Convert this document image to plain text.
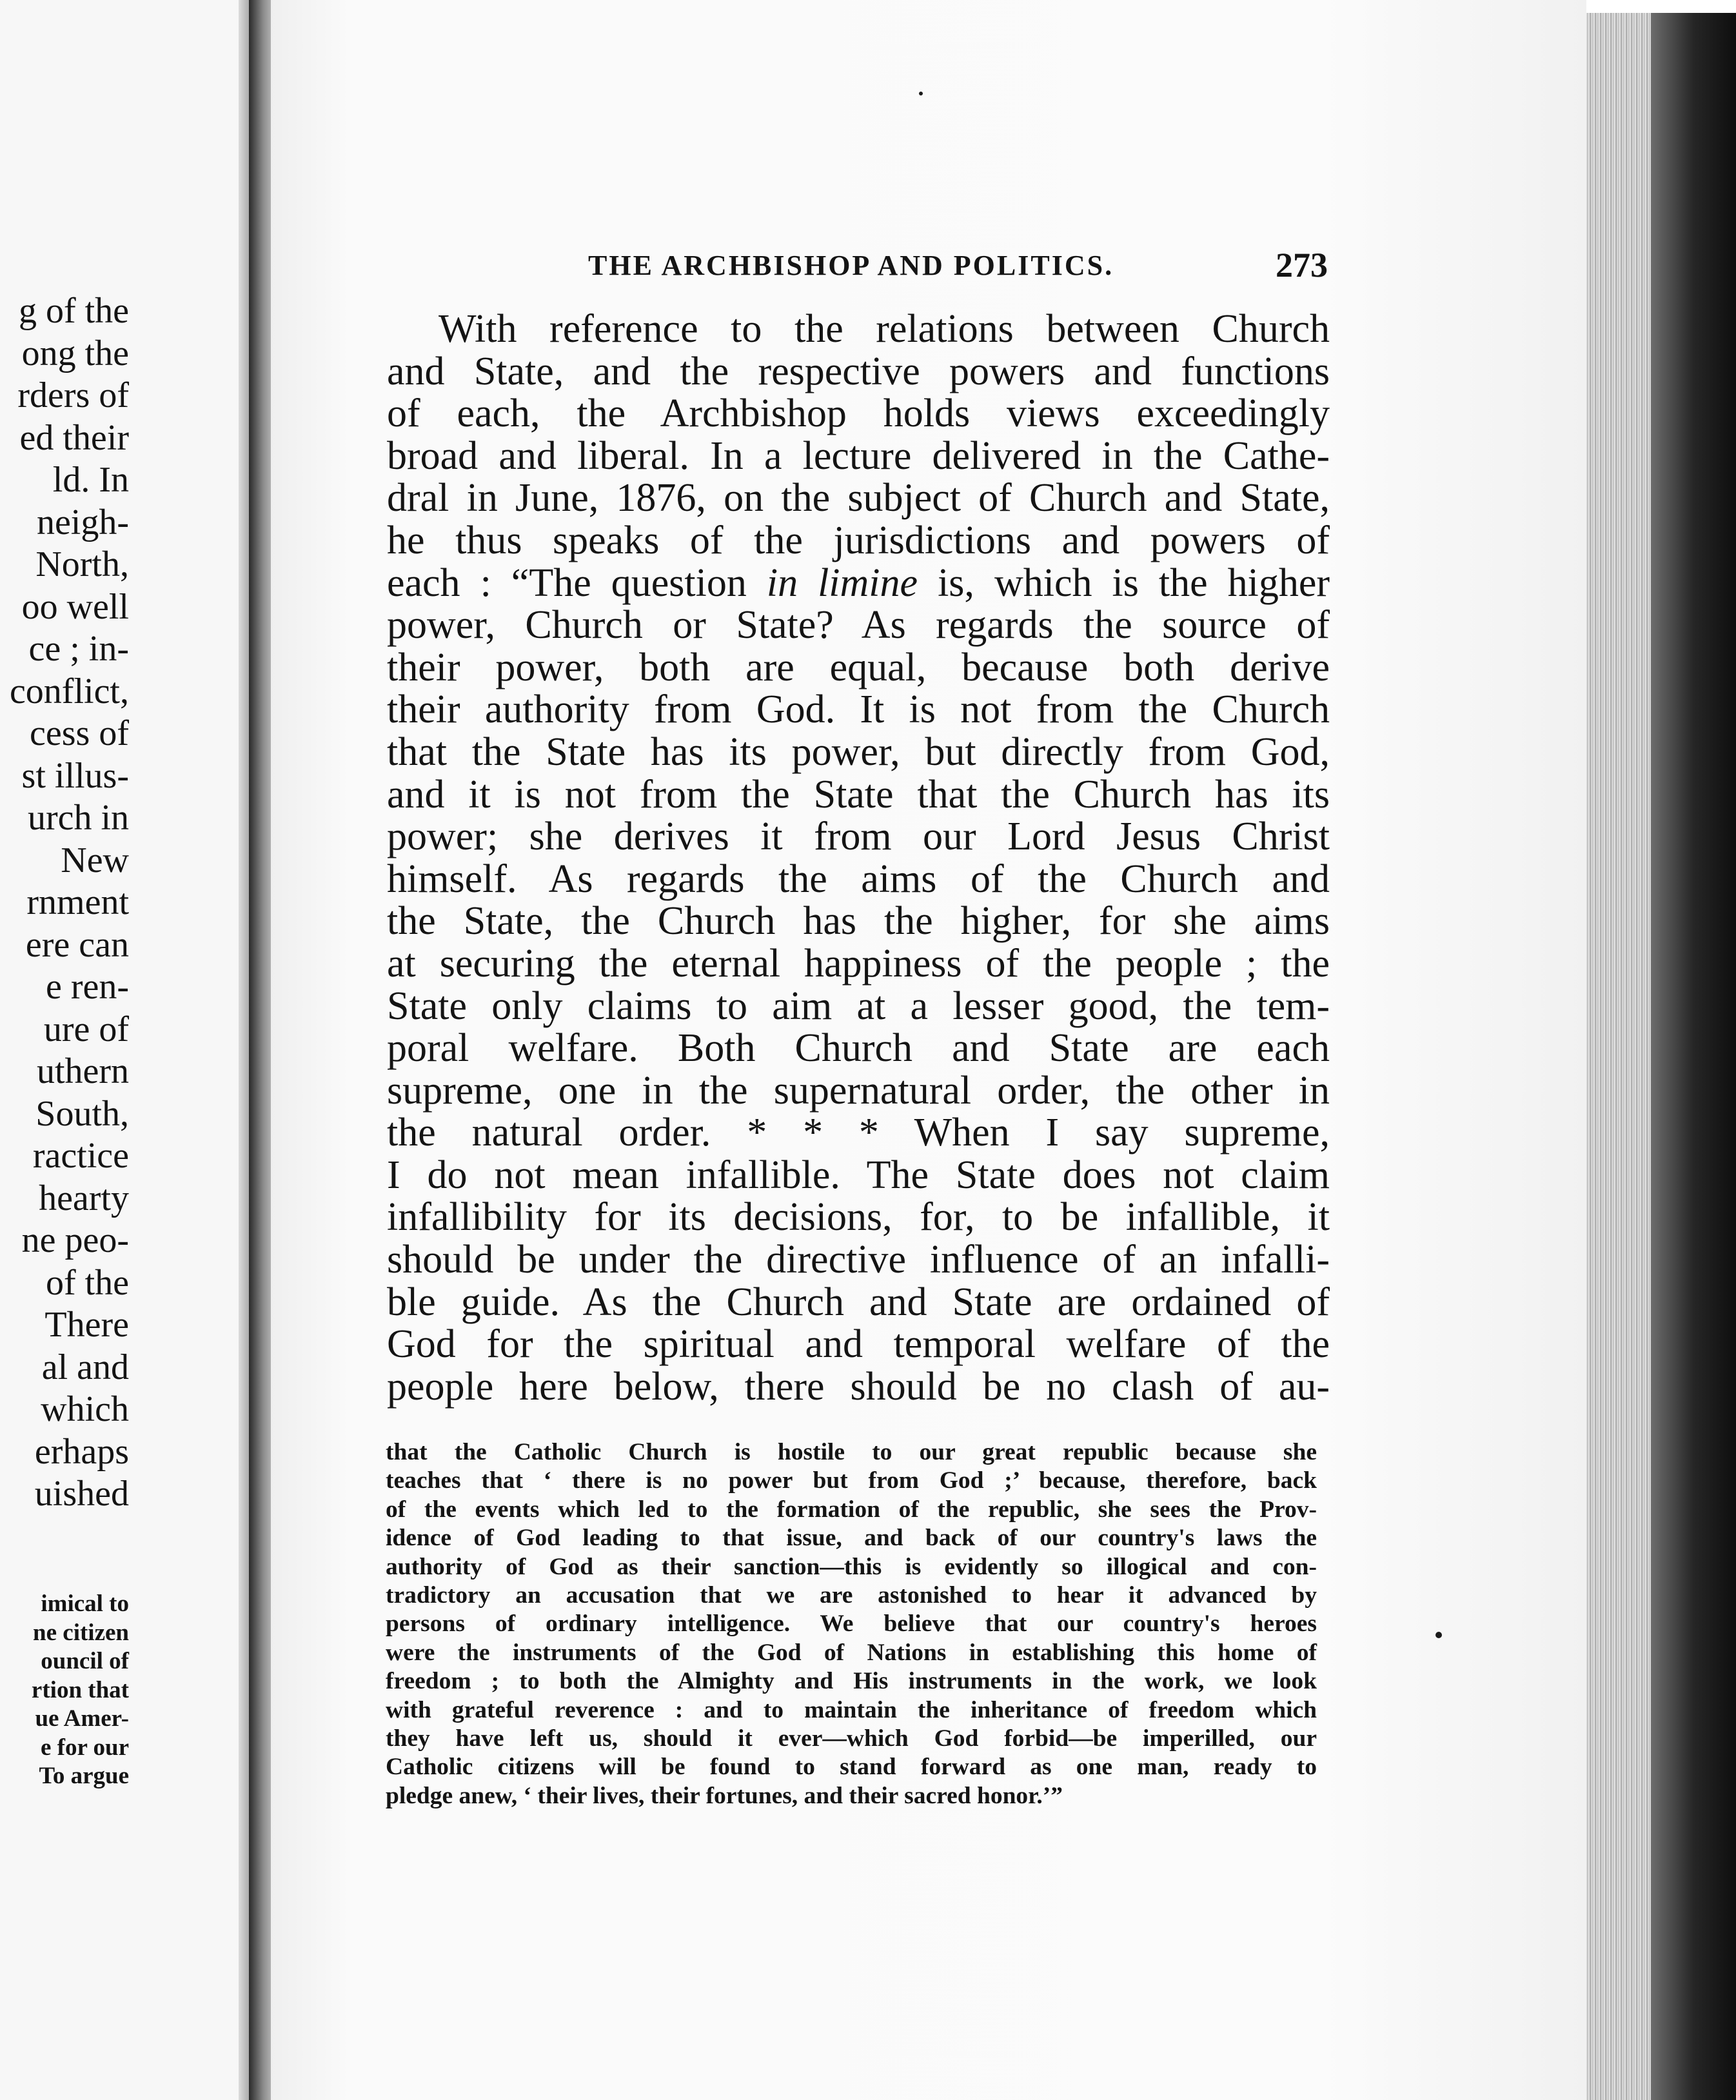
g of the
ong the
rders of
ed their
ld. In
neigh-
North,
oo well
ce ; in-
conflict,
cess of
st illus-
urch in
New
rnment
ere can
e ren-
ure of
uthern
South,
ractice
hearty
ne peo-
of the
There
al and
which
erhaps
uished
imical to
ne citizen
ouncil of
rtion that
ue Amer-
e for our
To argue
THE ARCHBISHOP AND POLITICS.	273
With reference to the relations between Church
and State, and the respective powers and functions
of each, the Archbishop holds views exceedingly
broad and liberal. In a lecture delivered in the Cathe-
dral in June, 1876, on the subject of Church and State,
he thus speaks of the jurisdictions and powers of
each : “The question in limine is, which is the higher
power, Church or State? As regards the source of
their power, both are equal, because both derive
their authority from God. It is not from the Church
that the State has its power, but directly from God,
and it is not from the State that the Church has its
power; she derives it from our Lord Jesus Christ
himself. As regards the aims of the Church and
the State, the Church has the higher, for she aims
at securing the eternal happiness of the people ; the
State only claims to aim at a lesser good, the tem-
poral welfare. Both Church and State are each
supreme, one in the supernatural order, the other in
the natural order. * * * When I say supreme,
I do not mean infallible. The State does not claim
infallibility for its decisions, for, to be infallible, it
should be under the directive influence of an infalli-
ble guide. As the Church and State are ordained of
God for the spiritual and temporal welfare of the
people here below, there should be no clash of au-
that the Catholic Church is hostile to our great republic because she
teaches that ‘ there is no power but from God ;’ because, therefore, back
of the events which led to the formation of the republic, she sees the Prov-
idence of God leading to that issue, and back of our country's laws the
authority of God as their sanction—this is evidently so illogical and con-
tradictory an accusation that we are astonished to hear it advanced by
persons of ordinary intelligence. We believe that our country's heroes
were the instruments of the God of Nations in establishing this home of
freedom ; to both the Almighty and His instruments in the work, we look
with grateful reverence : and to maintain the inheritance of freedom which
they have left us, should it ever—which God forbid—be imperilled, our
Catholic citizens will be found to stand forward as one man, ready to
pledge anew, ‘ their lives, their fortunes, and their sacred honor.’”
